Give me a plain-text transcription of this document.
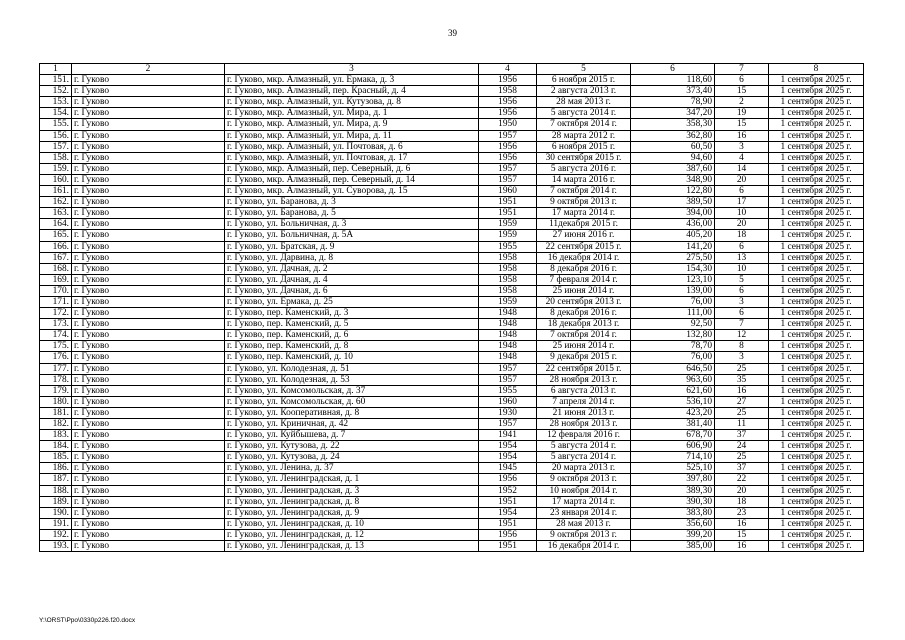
39
1	2	3	4	5	6	7	8
151.	г. Гуково	г. Гуково, мкр. Алмазный, ул. Ермака, д. 3	1956	6 ноября 2015 г.	118,60	6	1 сентября 2025 г.
152.	г. Гуково	г. Гуково, мкр. Алмазный, пер. Красный, д. 4	1958	2 августа 2013 г.	373,40	15	1 сентября 2025 г.
153.	г. Гуково	г. Гуково, мкр. Алмазный, ул. Кутузова, д. 8	1956	28 мая 2013 г.	78,90	2	1 сентября 2025 г.
154.	г. Гуково	г. Гуково, мкр. Алмазный, ул. Мира, д. 1	1956	5 августа 2014 г.	347,20	19	1 сентября 2025 г.
155.	г. Гуково	г. Гуково, мкр. Алмазный, ул. Мира, д. 9	1950	7 октября 2014 г.	358,30	15	1 сентября 2025 г.
156.	г. Гуково	г. Гуково, мкр. Алмазный, ул. Мира, д. 11	1957	28 марта 2012 г.	362,80	16	1 сентября 2025 г.
157.	г. Гуково	г. Гуково, мкр. Алмазный, ул. Почтовая, д. 6	1956	6 ноября 2015 г.	60,50	3	1 сентября 2025 г.
158.	г. Гуково	г. Гуково, мкр. Алмазный, ул. Почтовая, д. 17	1956	30 сентября 2015 г.	94,60	4	1 сентября 2025 г.
159.	г. Гуково	г. Гуково, мкр. Алмазный, пер. Северный, д. 6	1957	5 августа 2016 г.	387,60	14	1 сентября 2025 г.
160.	г. Гуково	г. Гуково, мкр. Алмазный, пер. Северный, д. 14	1957	14 марта 2016 г.	348,90	20	1 сентября 2025 г.
161.	г. Гуково	г. Гуково, мкр. Алмазный, ул. Суворова, д. 15	1960	7 октября 2014 г.	122,80	6	1 сентября 2025 г.
162.	г. Гуково	г. Гуково, ул. Баранова, д. 3	1951	9 октября 2013 г.	389,50	17	1 сентября 2025 г.
163.	г. Гуково	г. Гуково, ул. Баранова, д. 5	1951	17 марта 2014 г.	394,00	10	1 сентября 2025 г.
164.	г. Гуково	г. Гуково, ул. Больничная, д. 3	1959	11декабря 2015 г.	436,00	20	1 сентября 2025 г.
165.	г. Гуково	г. Гуково, ул. Больничная, д. 5А	1959	27 июня 2016 г.	405,20	18	1 сентября 2025 г.
166.	г. Гуково	г. Гуково, ул. Братская, д. 9	1955	22 сентября 2015 г.	141,20	6	1 сентября 2025 г.
167.	г. Гуково	г. Гуково, ул. Дарвина, д. 8	1958	16 декабря 2014 г.	275,50	13	1 сентября 2025 г.
168.	г. Гуково	г. Гуково, ул. Дачная, д. 2	1958	8 декабря 2016 г.	154,30	10	1 сентября 2025 г.
169.	г. Гуково	г. Гуково, ул. Дачная, д. 4	1958	7 февраля 2014 г.	123,10	5	1 сентября 2025 г.
170.	г. Гуково	г. Гуково, ул. Дачная, д. 6	1958	25 июня 2014 г.	139,00	6	1 сентября 2025 г.
171.	г. Гуково	г. Гуково, ул. Ермака, д. 25	1959	20 сентября 2013 г.	76,00	3	1 сентября 2025 г.
172.	г. Гуково	г. Гуково, пер. Каменский, д. 3	1948	8 декабря 2016 г.	111,00	6	1 сентября 2025 г.
173.	г. Гуково	г. Гуково, пер. Каменский, д. 5	1948	18 декабря 2013 г.	92,50	7	1 сентября 2025 г.
174.	г. Гуково	г. Гуково, пер. Каменский, д. 6	1948	7 октября 2014 г.	132,80	12	1 сентября 2025 г.
175.	г. Гуково	г. Гуково, пер. Каменский, д. 8	1948	25 июня 2014 г.	78,70	8	1 сентября 2025 г.
176.	г. Гуково	г. Гуково, пер. Каменский, д. 10	1948	9 декабря 2015 г.	76,00	3	1 сентября 2025 г.
177.	г. Гуково	г. Гуково, ул. Колодезная, д. 51	1957	22 сентября 2015 г.	646,50	25	1 сентября 2025 г.
178.	г. Гуково	г. Гуково, ул. Колодезная, д. 53	1957	28 ноября 2013 г.	963,60	35	1 сентября 2025 г.
179.	г. Гуково	г. Гуково, ул. Комсомольская, д. 37	1955	6 августа 2013 г.	621,60	16	1 сентября 2025 г.
180.	г. Гуково	г. Гуково, ул. Комсомольская, д. 60	1960	7 апреля 2014 г.	536,10	27	1 сентября 2025 г.
181.	г. Гуково	г. Гуково, ул. Кооперативная, д. 8	1930	21 июня 2013 г.	423,20	25	1 сентября 2025 г.
182.	г. Гуково	г. Гуково, ул. Криничная, д. 42	1957	28 ноября 2013 г.	381,40	11	1 сентября 2025 г.
183.	г. Гуково	г. Гуково, ул. Куйбышева, д. 7	1941	12 февраля 2016 г.	678,70	37	1 сентября 2025 г.
184.	г. Гуково	г. Гуково, ул. Кутузова, д. 22	1954	5 августа 2014 г.	606,90	24	1 сентября 2025 г.
185.	г. Гуково	г. Гуково, ул. Кутузова, д. 24	1954	5 августа 2014 г.	714,10	25	1 сентября 2025 г.
186.	г. Гуково	г. Гуково, ул. Ленина, д. 37	1945	20 марта 2013 г.	525,10	37	1 сентября 2025 г.
187.	г. Гуково	г. Гуково, ул. Ленинградская, д. 1	1956	9 октября 2013 г.	397,80	22	1 сентября 2025 г.
188.	г. Гуково	г. Гуково, ул. Ленинградская, д. 3	1952	10 ноября 2014 г.	389,30	20	1 сентября 2025 г.
189.	г. Гуково	г. Гуково, ул. Ленинградская, д. 8	1951	17 марта 2014 г.	390,30	18	1 сентября 2025 г.
190.	г. Гуково	г. Гуково, ул. Ленинградская, д. 9	1954	23 января 2014 г.	383,80	23	1 сентября 2025 г.
191.	г. Гуково	г. Гуково, ул. Ленинградская, д. 10	1951	28 мая 2013 г.	356,60	16	1 сентября 2025 г.
192.	г. Гуково	г. Гуково, ул. Ленинградская, д. 12	1956	9 октября 2013 г.	399,20	15	1 сентября 2025 г.
193.	г. Гуково	г. Гуково, ул. Ленинградская, д. 13	1951	16 декабря 2014 г.	385,00	16	1 сентября 2025 г.
Y:\ORST\Ppo\0330p226.f20.docx
